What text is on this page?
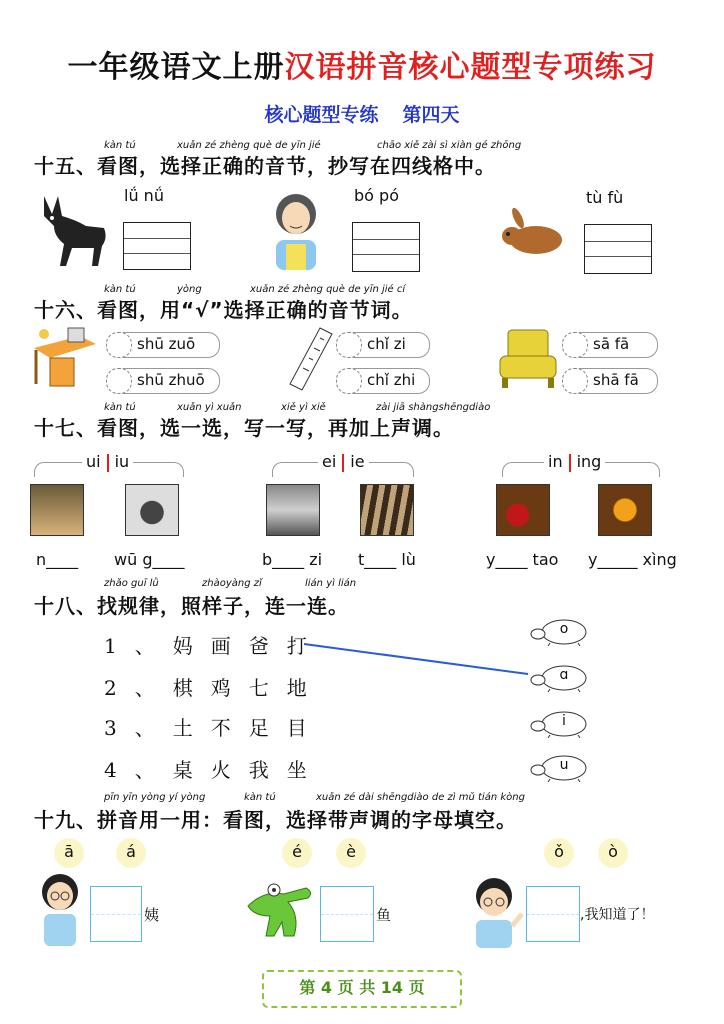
一年级语文上册汉语拼音核心题型专项练习
核心题型专练 第四天
kàn tú	xuǎn zé zhèng què de yīn jié	chāo xiě zài sì xiàn gé zhōng
十五、看图，选择正确的音节，抄写在四线格中。
lǘ nǘ	bó pó	tù fù
kàn tú	yòng	xuǎn zé zhèng què de yīn jié cí
十六、看图，用“√”选择正确的音节词。
shū zuō
shū zhuō
chǐ zi
chǐ zhi
sā fā
shā fā
kàn tú	xuǎn yì xuǎn	xiě yì xiě	zài jiā shàngshēngdiào
十七、看图，选一选，写一写，再加上声调。
ui iu	ei ie	in ing
n____ wū g____	b____ zi t____ lù	y____ tao y_____ xìng
zhǎo guī lǜ	zhàoyàng zǐ	lián yì lián
十八、找规律，照样子，连一连。
1、妈画爸打
2、棋鸡七地
3、土不足目
4、桌火我坐
o
ɑ
i
u
pīn yīn yòng yí yòng	kàn tú	xuǎn zé dài shēngdiào de zì mǔ tián kòng
十九、拼音用一用：看图，选择带声调的字母填空。
ā	á	é	è	ǒ	ò
姨	鱼	,我知道了！
第 4 页 共 14 页
